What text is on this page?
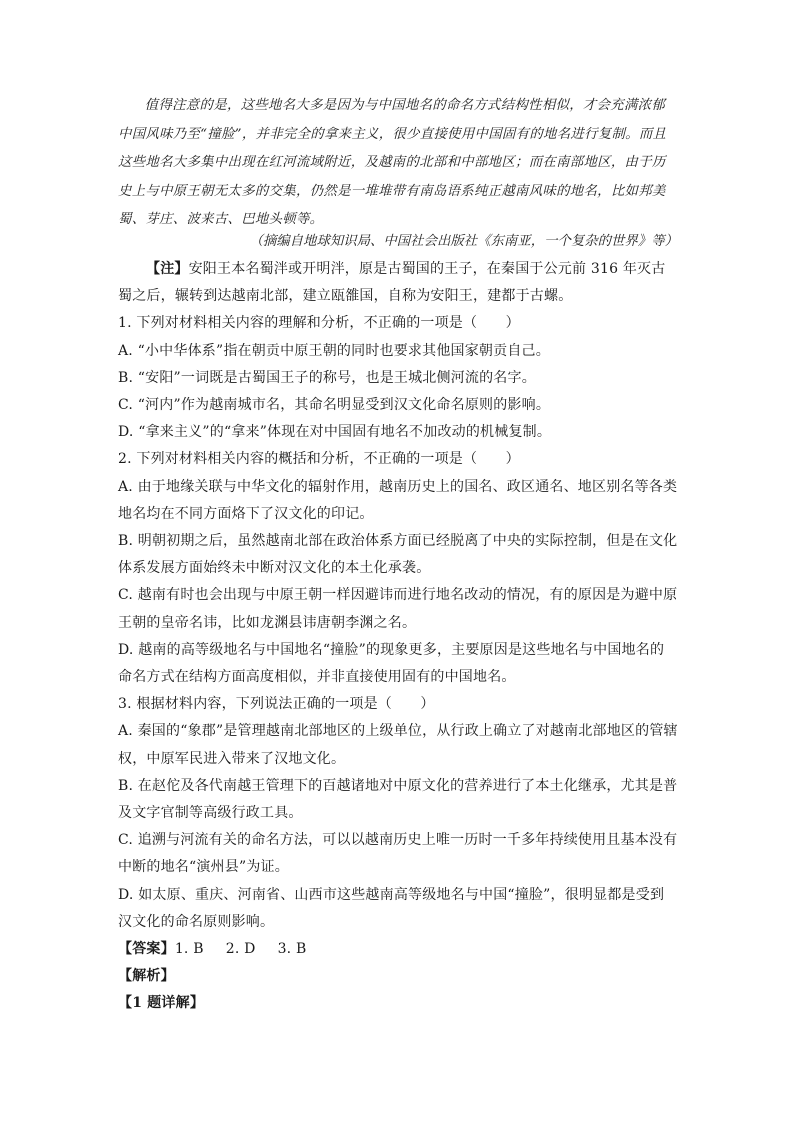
值得注意的是，这些地名大多是因为与中国地名的命名方式结构性相似，才会充满浓郁中国风味乃至“撞脸”，并非完全的拿来主义，很少直接使用中国固有的地名进行复制。而且这些地名大多集中出现在红河流域附近，及越南的北部和中部地区；而在南部地区，由于历史上与中原王朝无太多的交集，仍然是一堆堆带有南岛语系纯正越南风味的地名，比如邦美蜀、芽庄、波来古、巴地头顿等。

（摘编自地球知识局、中国社会出版社《东南亚，一个复杂的世界》等）

【注】安阳王本名蜀泮或开明泮，原是古蜀国的王子，在秦国于公元前 316 年灭古蜀之后，辗转到达越南北部，建立瓯雒国，自称为安阳王，建都于古螺。

1. 下列对材料相关内容的理解和分析，不正确的一项是（　　）

A. “小中华体系”指在朝贡中原王朝的同时也要求其他国家朝贡自己。

B. “安阳”一词既是古蜀国王子的称号，也是王城北侧河流的名字。

C. “河内”作为越南城市名，其命名明显受到汉文化命名原则的影响。

D. “拿来主义”的“拿来”体现在对中国固有地名不加改动的机械复制。

2. 下列对材料相关内容的概括和分析，不正确的一项是（　　）

A. 由于地缘关联与中华文化的辐射作用，越南历史上的国名、政区通名、地区别名等各类地名均在不同方面烙下了汉文化的印记。

B. 明朝初期之后，虽然越南北部在政治体系方面已经脱离了中央的实际控制，但是在文化体系发展方面始终未中断对汉文化的本土化承袭。

C. 越南有时也会出现与中原王朝一样因避讳而进行地名改动的情况，有的原因是为避中原王朝的皇帝名讳，比如龙渊县讳唐朝李渊之名。

D. 越南的高等级地名与中国地名“撞脸”的现象更多，主要原因是这些地名与中国地名的命名方式在结构方面高度相似，并非直接使用固有的中国地名。

3. 根据材料内容，下列说法正确的一项是（　　）

A. 秦国的“象郡”是管理越南北部地区的上级单位，从行政上确立了对越南北部地区的管辖权，中原军民进入带来了汉地文化。

B. 在赵佗及各代南越王管理下的百越诸地对中原文化的营养进行了本土化继承，尤其是普及文字官制等高级行政工具。

C. 追溯与河流有关的命名方法，可以以越南历史上唯一历时一千多年持续使用且基本没有中断的地名“演州县”为证。

D. 如太原、重庆、河南省、山西市这些越南高等级地名与中国“撞脸”，很明显都是受到汉文化的命名原则影响。

【答案】1. B 2. D 3. B

【解析】

【1 题详解】
